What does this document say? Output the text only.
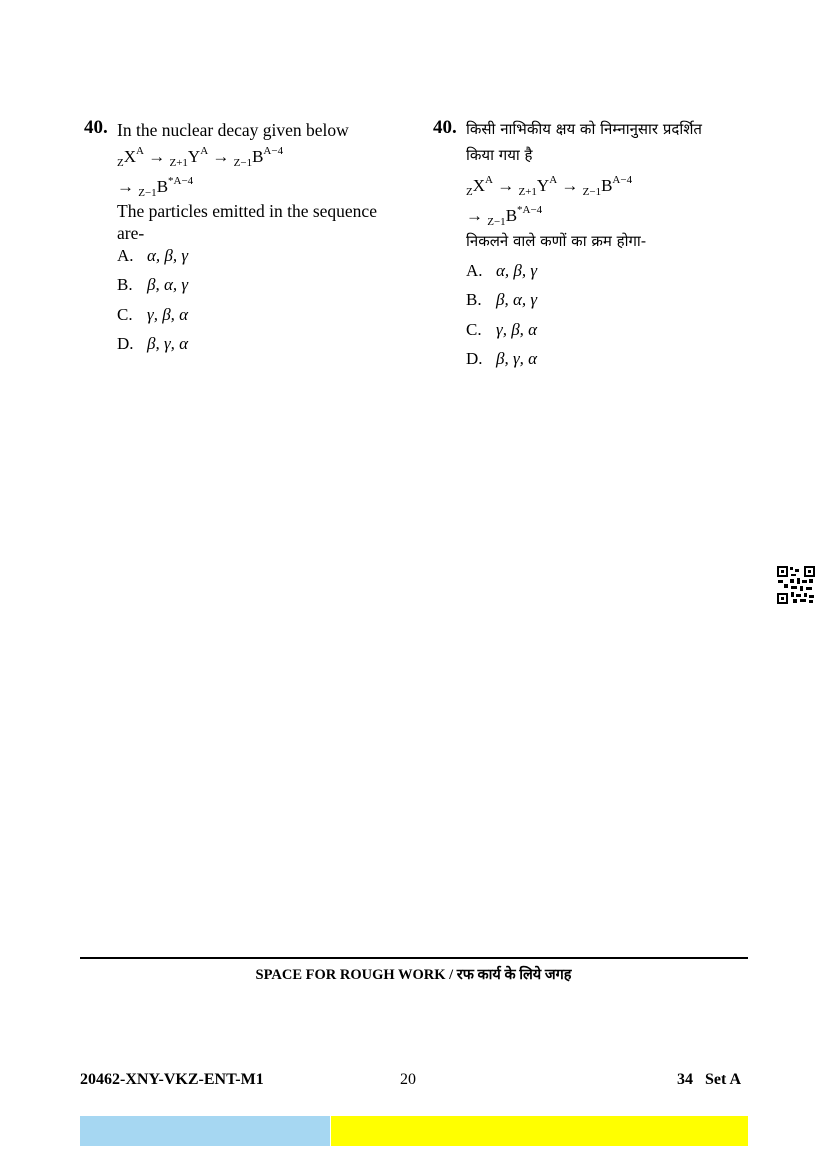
40. In the nuclear decay given below
$_ZX^A \to _{Z+1}Y^A \to _{Z-1}B^{A-4}$
→ $_{Z-1}B^{*A-4}$
The particles emitted in the sequence
are-
A. α, β, γ
B. β, α, γ
C. γ, β, α
D. β, γ, α
40. किसी नाभिकीय क्षय को निम्नानुसार प्रदर्शित
किया गया है
$_ZX^A \to _{Z+1}Y^A \to _{Z-1}B^{A-4}$
→ $_{Z-1}B^{*A-4}$
निकलने वाले कणों का क्रम होगा-
A. α, β, γ
B. β, α, γ
C. γ, β, α
D. β, γ, α
SPACE FOR ROUGH WORK / रफ कार्य के लिये जगह
20462-XNY-VKZ-ENT-M1	20	34   Set A
